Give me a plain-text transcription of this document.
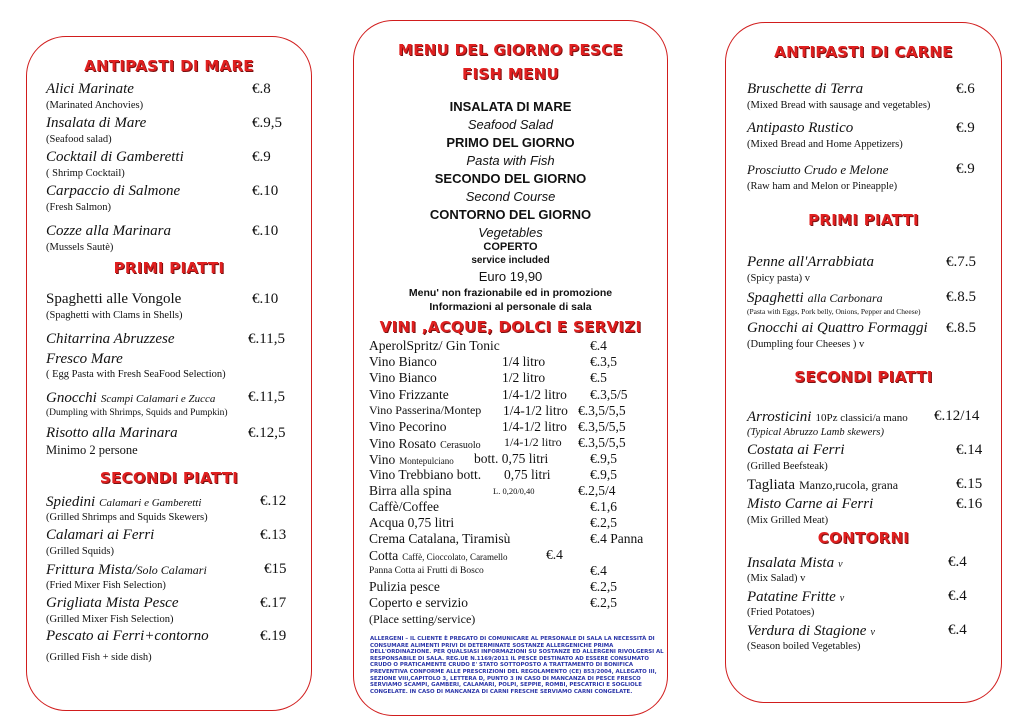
ANTIPASTI DI MARE
Alici Marinate	€.8
(Marinated Anchovies)
Insalata di Mare	€.9,5
(Seafood salad)
Cocktail di Gamberetti	€.9
( Shrimp Cocktail)
Carpaccio di Salmone	€.10
(Fresh Salmon)
Cozze alla Marinara	€.10
(Mussels Sautè)
PRIMI PIATTI
Spaghetti alle Vongole	€.10
(Spaghetti with Clams in Shells)
Chitarrina Abruzzese	€.11,5
Fresco Mare
( Egg Pasta with Fresh SeaFood Selection)
Gnocchi Scampi Calamari e Zucca €.11,5
(Dumpling with Shrimps, Squids and Pumpkin)
Risotto alla Marinara	€.12,5
Minimo 2 persone
SECONDI PIATTI
Spiedini Calamari e Gamberetti	€.12
(Grilled Shrimps and Squids Skewers)
Calamari ai Ferri	€.13
(Grilled Squids)
Frittura Mista/Solo Calamari	€15
(Fried Mixer Fish Selection)
Grigliata Mista Pesce	€.17
(Grilled Mixer Fish Selection)
Pescato ai Ferri+contorno	€.19
(Grilled Fish + side dish)
MENU DEL GIORNO PESCE
FISH MENU
INSALATA DI MARE
Seafood Salad
PRIMO DEL GIORNO
Pasta with Fish
SECONDO DEL GIORNO
Second Course
CONTORNO DEL GIORNO
Vegetables
COPERTO
service included
Euro 19,90
Menu' non frazionabile ed in promozione
Informazioni al personale di sala
VINI ,ACQUE, DOLCI E SERVIZI
AperolSpritz/ Gin Tonic	€.4
Vino Bianco	1/4 litro	€.3,5
Vino Bianco	1/2 litro	€.5
Vino Frizzante	1/4-1/2 litro €.3,5/5
Vino Passerina/Montep 1/4-1/2 litro €.3,5/5,5
Vino Pecorino	1/4-1/2 litro €.3,5/5,5
Vino Rosato Cerasuolo 1/4-1/2 litro €.3,5/5,5
Vino Montepulciano bott. 0,75 litri	€.9,5
Vino Trebbiano bott. 0,75 litri	€.9,5
Birra alla spina	L. 0,20/0,40	€.2,5/4
Caffè/Coffee	€.1,6
Acqua 0,75 litri	€.2,5
Crema Catalana, Tiramisù	€.4 Panna
Cotta Caffè, Cioccolato, Caramello	€.4
Panna Cotta ai Frutti di Bosco	€.4
Pulizia pesce	€.2,5
Coperto e servizio	€.2,5
(Place setting/service)
ALLERGENI – IL CLIENTE È PREGATO DI COMUNICARE AL PERSONALE DI SALA LA NECESSITÀ DI CONSUMARE ALIMENTI PRIVI DI DETERMINATE SOSTANZE ALLERGENICHE PRIMA DELL'ORDINAZIONE. PER QUALSIASI INFORMAZIONI SU SOSTANZE ED ALLERGENI RIVOLGERSI AL RESPONSABILE DI SALA. REG.UE N.1169/2011 IL PESCE DESTINATO AD ESSERE CONSUMATO CRUDO O PRATICAMENTE CRUDO E' STATO SOTTOPOSTO A TRATTAMENTO DI BONIFICA PREVENTIVA CONFORME ALLE PRESCRIZIONI DEL REGOLAMENTO (CE) 853/2004, ALLEGATO III, SEZIONE VIII,CAPITOLO 3, LETTERA D, PUNTO 3 IN CASO DI MANCANZA DI PESCE FRESCO SERVIAMO SCAMPI, GAMBERI, CALAMARI, POLPI, SEPPIE, ROMBI, PESCATRICI E SOGLIOLE CONGELATE. IN CASO DI MANCANZA DI CARNI FRESCHE SERVIAMO CARNI CONGELATE.
ANTIPASTI DI CARNE
Bruschette di Terra	€.6
(Mixed Bread with sausage and vegetables)
Antipasto Rustico	€.9
(Mixed Bread and Home Appetizers)
Prosciutto Crudo e Melone	€.9
(Raw ham and Melon or Pineapple)
PRIMI PIATTI
Penne all'Arrabbiata	€.7.5
(Spicy pasta) v
Spaghetti alla Carbonara	€.8.5
(Pasta with Eggs, Pork belly, Onions, Pepper and Cheese)
Gnocchi ai Quattro Formaggi €.8.5
(Dumpling four Cheeses ) v
SECONDI PIATTI
Arrosticini 10Pz classici/a mano €.12/14
(Typical Abruzzo Lamb skewers)
Costata ai Ferri	€.14
(Grilled Beefsteak)
Tagliata Manzo,rucola, grana	€.15
Misto Carne ai Ferri	€.16
(Mix Grilled Meat)
CONTORNI
Insalata Mista v	€.4
(Mix Salad) v
Patatine Fritte v	€.4
(Fried Potatoes)
Verdura di Stagione v	€.4
(Season boiled Vegetables)
